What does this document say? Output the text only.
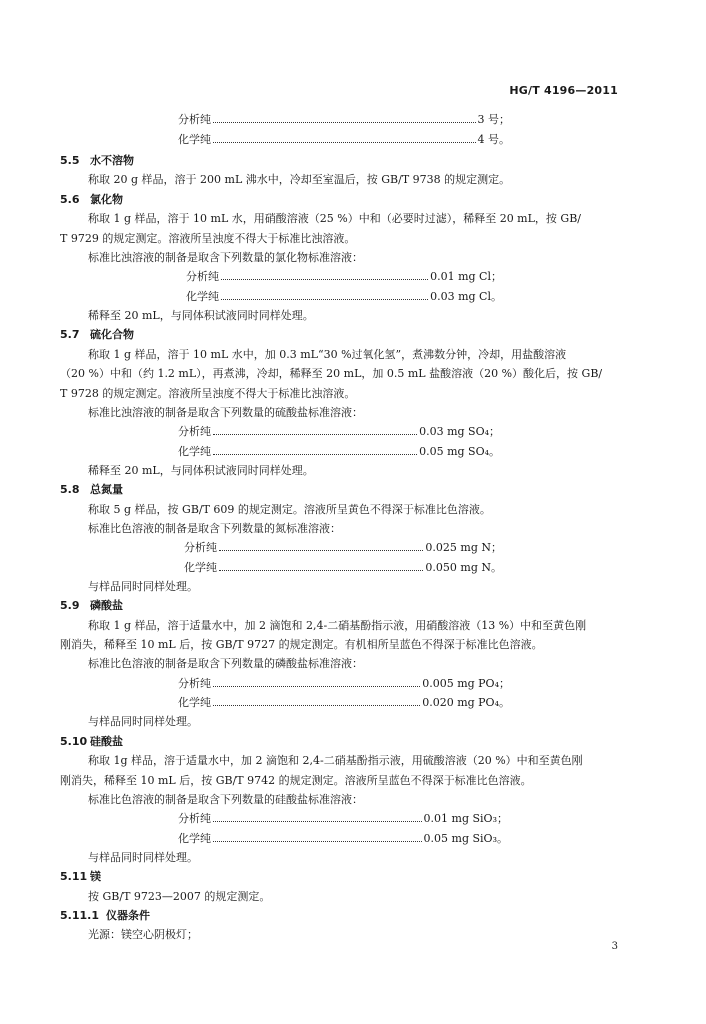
HG/T 4196—2011
分析纯	3 号；
化学纯	4 号。
5.5 水不溶物
称取 20 g 样品，溶于 200 mL 沸水中，冷却至室温后，按 GB/T 9738 的规定测定。
5.6 氯化物
称取 1 g 样品，溶于 10 mL 水，用硝酸溶液（25 %）中和（必要时过滤），稀释至 20 mL，按 GB/
T 9729 的规定测定。溶液所呈浊度不得大于标准比浊溶液。
标准比浊溶液的制备是取含下列数量的氯化物标准溶液：
分析纯	0.01 mg Cl；
化学纯	0.03 mg Cl。
稀释至 20 mL，与同体积试液同时同样处理。
5.7 硫化合物
称取 1 g 样品，溶于 10 mL 水中，加 0.3 mL“30 %过氧化氢”，煮沸数分钟，冷却，用盐酸溶液
（20 %）中和（约 1.2 mL），再煮沸，冷却，稀释至 20 mL，加 0.5 mL 盐酸溶液（20 %）酸化后，按 GB/
T 9728 的规定测定。溶液所呈浊度不得大于标准比浊溶液。
标准比浊溶液的制备是取含下列数量的硫酸盐标准溶液：
分析纯	0.03 mg SO₄；
化学纯	0.05 mg SO₄。
稀释至 20 mL，与同体积试液同时同样处理。
5.8 总氮量
称取 5 g 样品，按 GB/T 609 的规定测定。溶液所呈黄色不得深于标准比色溶液。
标准比色溶液的制备是取含下列数量的氮标准溶液：
分析纯	0.025 mg N；
化学纯	0.050 mg N。
与样品同时同样处理。
5.9 磷酸盐
称取 1 g 样品，溶于适量水中，加 2 滴饱和 2,4-二硝基酚指示液，用硝酸溶液（13 %）中和至黄色刚
刚消失，稀释至 10 mL 后，按 GB/T 9727 的规定测定。有机相所呈蓝色不得深于标准比色溶液。
标准比色溶液的制备是取含下列数量的磷酸盐标准溶液：
分析纯	0.005 mg PO₄；
化学纯	0.020 mg PO₄。
与样品同时同样处理。
5.10 硅酸盐
称取 1g 样品，溶于适量水中，加 2 滴饱和 2,4-二硝基酚指示液，用硫酸溶液（20 %）中和至黄色刚
刚消失，稀释至 10 mL 后，按 GB/T 9742 的规定测定。溶液所呈蓝色不得深于标准比色溶液。
标准比色溶液的制备是取含下列数量的硅酸盐标准溶液：
分析纯	0.01 mg SiO₃；
化学纯	0.05 mg SiO₃。
与样品同时同样处理。
5.11 镁
按 GB/T 9723—2007 的规定测定。
5.11.1 仪器条件
光源：镁空心阴极灯；
3
